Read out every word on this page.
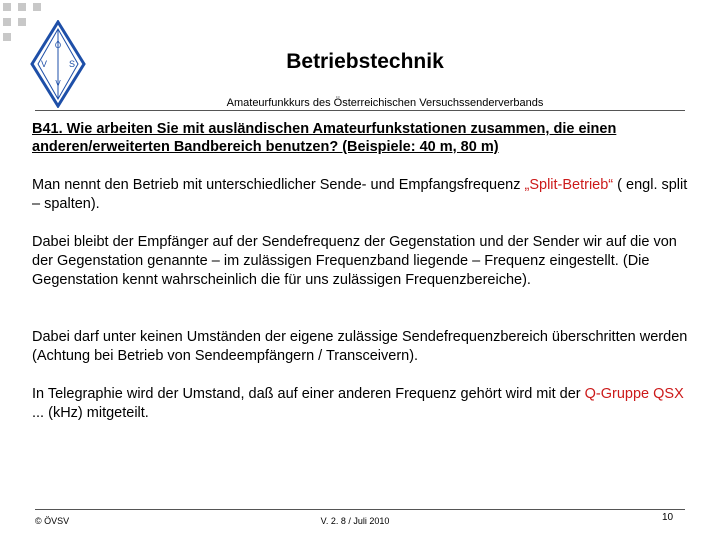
Ö
V S
V
Betriebstechnik
Amateurfunkkurs des Österreichischen Versuchssenderverbands
B41. Wie arbeiten Sie mit ausländischen Amateurfunkstationen zusammen, die einen anderen/erweiterten Bandbereich benutzen? (Beispiele: 40 m, 80 m)
Man nennt den Betrieb mit unterschiedlicher Sende- und Empfangsfrequenz „Split-Betrieb“ ( engl. split – spalten).
Dabei bleibt der Empfänger auf der Sendefrequenz der Gegenstation und der Sender wir auf die von der Gegenstation genannte – im zulässigen Frequenzband liegende – Frequenz eingestellt. (Die Gegenstation kennt wahrscheinlich die für uns zulässigen Frequenzbereiche).
Dabei darf unter keinen Umständen der eigene zulässige Sendefrequenzbereich überschritten werden (Achtung bei Betrieb von Sendeempfängern / Transceivern).
In Telegraphie wird der Umstand, daß auf einer anderen Frequenz gehört wird mit der Q-Gruppe QSX ... (kHz) mitgeteilt.
© ÖVSV	V. 2. 8 / Juli 2010	10
